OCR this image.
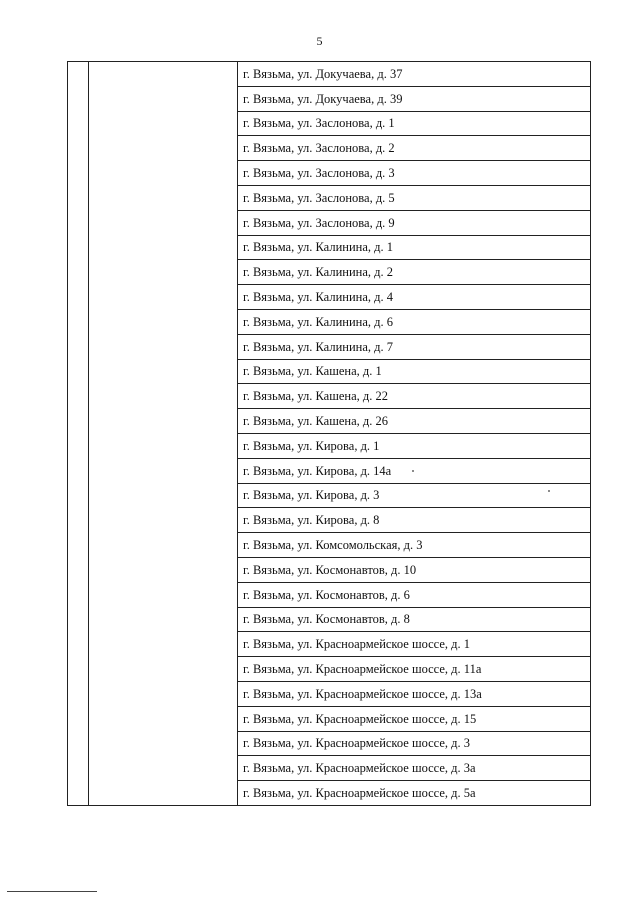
5
		г. Вязьма, ул. Докучаева, д. 37
г. Вязьма, ул. Докучаева, д. 39
г. Вязьма, ул. Заслонова, д. 1
г. Вязьма, ул. Заслонова, д. 2
г. Вязьма, ул. Заслонова, д. 3
г. Вязьма, ул. Заслонова, д. 5
г. Вязьма, ул. Заслонова, д. 9
г. Вязьма, ул. Калинина, д. 1
г. Вязьма, ул. Калинина, д. 2
г. Вязьма, ул. Калинина, д. 4
г. Вязьма, ул. Калинина, д. 6
г. Вязьма, ул. Калинина, д. 7
г. Вязьма, ул. Кашена, д. 1
г. Вязьма, ул. Кашена, д. 22
г. Вязьма, ул. Кашена, д. 26
г. Вязьма, ул. Кирова, д. 1
г. Вязьма, ул. Кирова, д. 14а
г. Вязьма, ул. Кирова, д. 3
г. Вязьма, ул. Кирова, д. 8
г. Вязьма, ул. Комсомольская, д. 3
г. Вязьма, ул. Космонавтов, д. 10
г. Вязьма, ул. Космонавтов, д. 6
г. Вязьма, ул. Космонавтов, д. 8
г. Вязьма, ул. Красноармейское шоссе, д. 1
г. Вязьма, ул. Красноармейское шоссе, д. 11а
г. Вязьма, ул. Красноармейское шоссе, д. 13а
г. Вязьма, ул. Красноармейское шоссе, д. 15
г. Вязьма, ул. Красноармейское шоссе, д. 3
г. Вязьма, ул. Красноармейское шоссе, д. 3а
г. Вязьма, ул. Красноармейское шоссе, д. 5а
